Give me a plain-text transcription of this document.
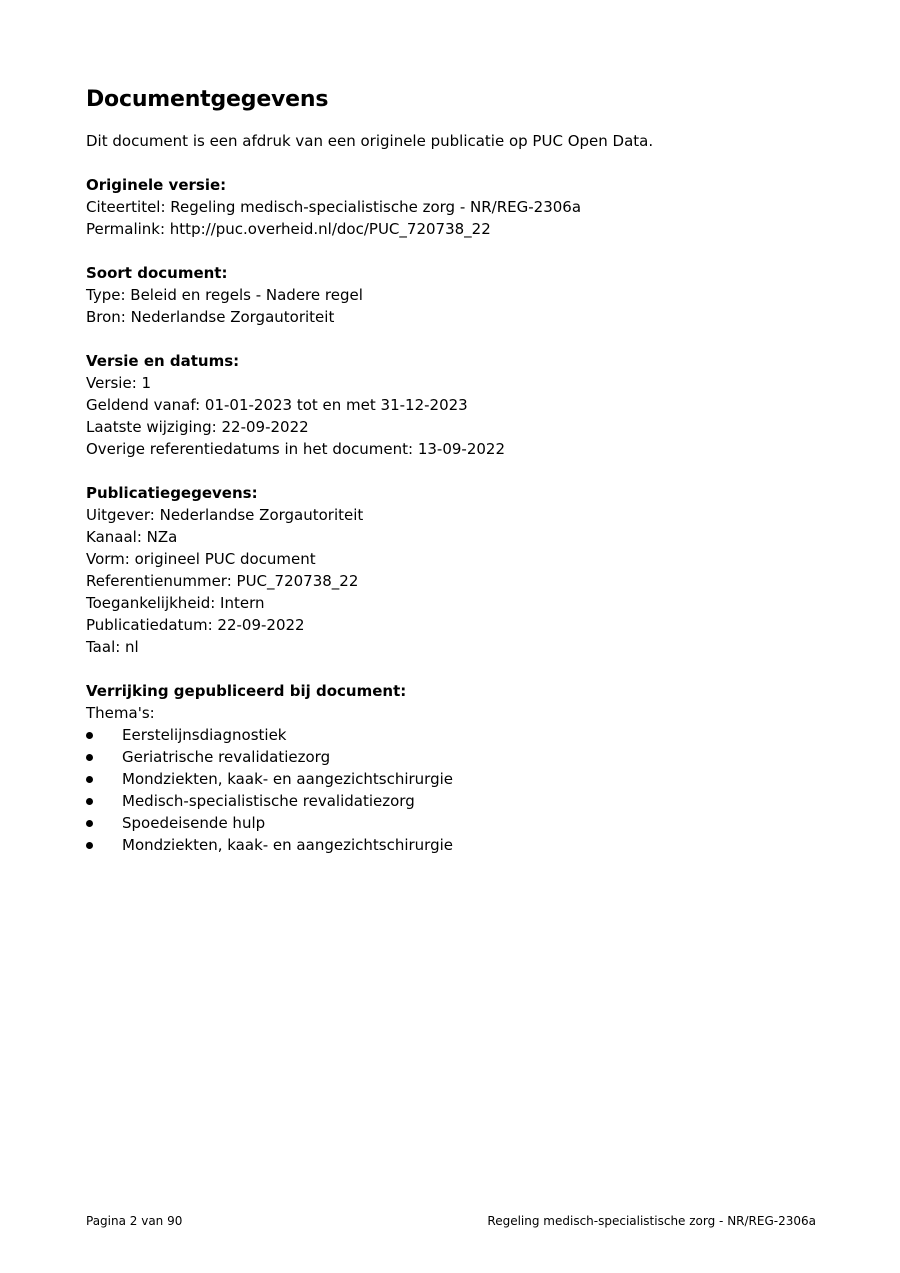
Documentgegevens
Dit document is een afdruk van een originele publicatie op PUC Open Data.
Originele versie:
Citeertitel: Regeling medisch-specialistische zorg - NR/REG-2306a
Permalink: http://puc.overheid.nl/doc/PUC_720738_22
Soort document:
Type: Beleid en regels - Nadere regel
Bron: Nederlandse Zorgautoriteit
Versie en datums:
Versie: 1
Geldend vanaf: 01-01-2023 tot en met 31-12-2023
Laatste wijziging: 22-09-2022
Overige referentiedatums in het document: 13-09-2022
Publicatiegegevens:
Uitgever: Nederlandse Zorgautoriteit
Kanaal: NZa
Vorm: origineel PUC document
Referentienummer: PUC_720738_22
Toegankelijkheid: Intern
Publicatiedatum: 22-09-2022
Taal: nl
Verrijking gepubliceerd bij document:
Thema's:
Eerstelijnsdiagnostiek
Geriatrische revalidatiezorg
Mondziekten, kaak- en aangezichtschirurgie
Medisch-specialistische revalidatiezorg
Spoedeisende hulp
Mondziekten, kaak- en aangezichtschirurgie
Pagina 2 van 90	Regeling medisch-specialistische zorg - NR/REG-2306a
